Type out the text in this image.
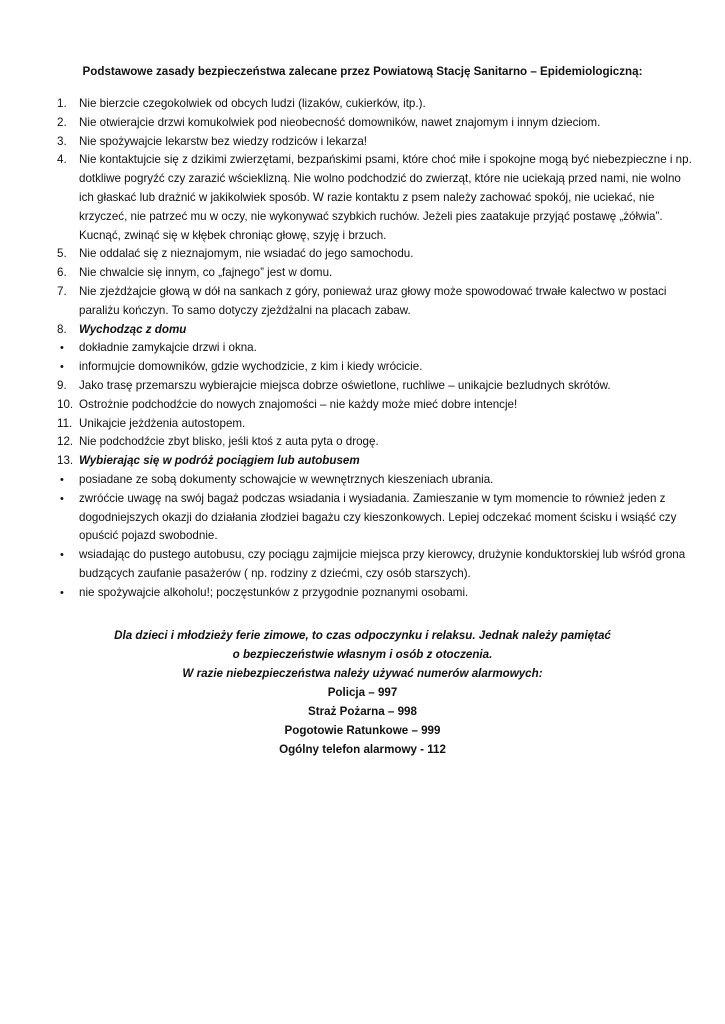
Podstawowe zasady bezpieczeństwa zalecane przez Powiatową Stację Sanitarno – Epidemiologiczną:
1.	Nie bierzcie czegokolwiek od obcych ludzi (lizaków, cukierków, itp.).
2.	Nie otwierajcie drzwi komukolwiek pod nieobecność domowników, nawet znajomym i innym dzieciom.
3.	Nie spożywajcie lekarstw bez wiedzy rodziców i lekarza!
4.	Nie kontaktujcie się z dzikimi zwierzętami, bezpańskimi psami, które choć miłe i spokojne mogą być niebezpieczne i np. dotkliwe pogryźć czy zarazić wścieklizną. Nie wolno podchodzić do zwierząt, które nie uciekają przed nami, nie wolno ich głaskać lub drażnić w jakikolwiek sposób. W razie kontaktu z psem należy zachować spokój, nie uciekać, nie krzyczeć, nie patrzeć mu w oczy, nie wykonywać szybkich ruchów. Jeżeli pies zaatakuje przyjąć postawę „żółwia”. Kucnąć, zwinąć się w kłębek chroniąc głowę, szyję i brzuch.
5.	Nie oddalać się z nieznajomym, nie wsiadać do jego samochodu.
6.	Nie chwalcie się innym, co „fajnego” jest w domu.
7.	Nie zjeżdżajcie głową w dół na sankach z góry, ponieważ uraz głowy może spowodować trwałe kalectwo w postaci paraliżu kończyn. To samo dotyczy zjeżdżalni na placach zabaw.
8.	Wychodząc z domu
•	dokładnie zamykajcie drzwi i okna.
•	informujcie domowników, gdzie wychodzicie, z kim i kiedy wrócicie.
9.	Jako trasę przemarszu wybierajcie miejsca dobrze oświetlone, ruchliwe – unikajcie bezludnych skrótów.
10. Ostrożnie podchodźcie do nowych znajomości – nie każdy może mieć dobre intencje!
11. Unikajcie jeżdżenia autostopem.
12. Nie podchodźcie zbyt blisko, jeśli ktoś z auta pyta o drogę.
13. Wybierając się w podróż pociągiem lub autobusem
•	posiadane ze sobą dokumenty schowajcie w wewnętrznych kieszeniach ubrania.
•	zwróćcie uwagę na swój bagaż podczas wsiadania i wysiadania. Zamieszanie w tym momencie to również jeden z dogodniejszych okazji do działania złodziei bagażu czy kieszonkowych. Lepiej odczekać moment ścisku i wsiąść czy opuścić pojazd swobodnie.
•	wsiadając do pustego autobusu, czy pociągu zajmijcie miejsca przy kierowcy, drużynie konduktorskiej lub wśród grona budzących zaufanie pasażerów ( np. rodziny z dziećmi, czy osób starszych).
•	nie spożywajcie alkoholu!; poczęstunków z przygodnie poznanymi osobami.
Dla dzieci i młodzieży ferie zimowe, to czas odpoczynku i relaksu. Jednak należy pamiętać
o bezpieczeństwie własnym i osób z otoczenia.
W razie niebezpieczeństwa należy używać numerów alarmowych:
Policja – 997
Straż Pożarna – 998
Pogotowie Ratunkowe – 999
Ogólny telefon alarmowy - 112
